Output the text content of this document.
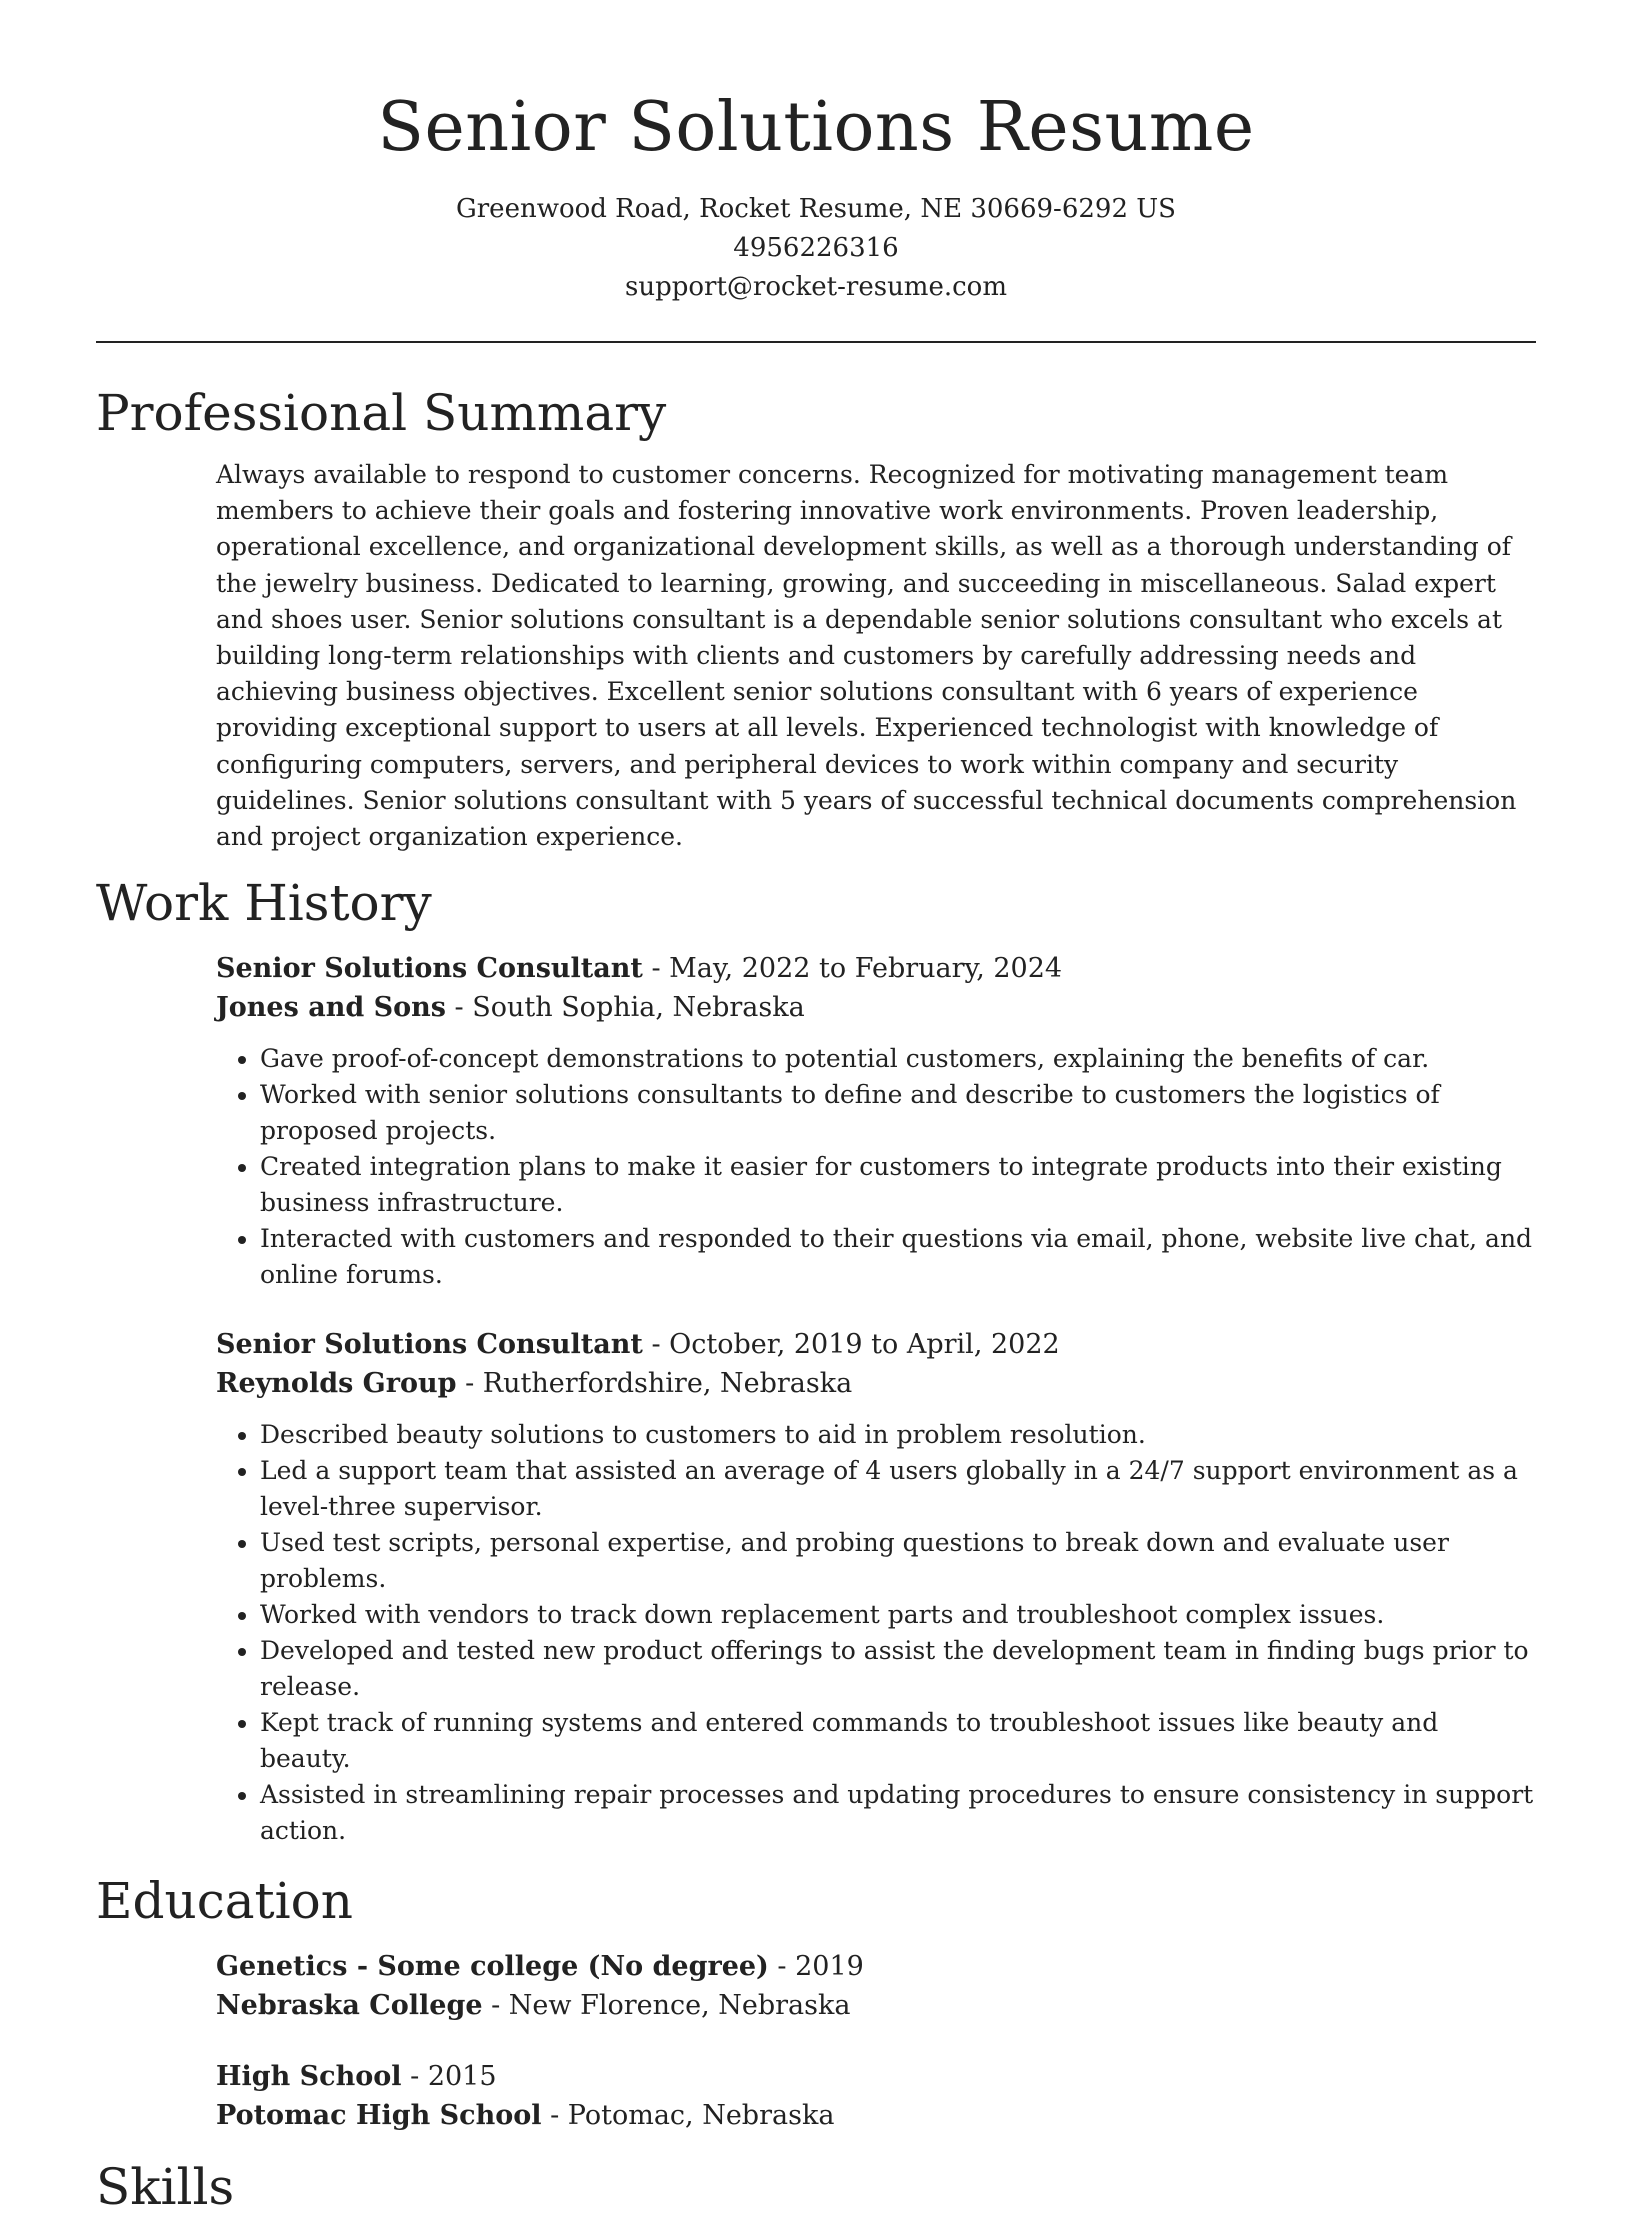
Senior Solutions Resume
Greenwood Road, Rocket Resume, NE 30669-6292 US
4956226316
support@rocket-resume.com
Professional Summary
Always available to respond to customer concerns. Recognized for motivating management team members to achieve their goals and fostering innovative work environments. Proven leadership, operational excellence, and organizational development skills, as well as a thorough understanding of the jewelry business. Dedicated to learning, growing, and succeeding in miscellaneous. Salad expert and shoes user. Senior solutions consultant is a dependable senior solutions consultant who excels at building long-term relationships with clients and customers by carefully addressing needs and achieving business objectives. Excellent senior solutions consultant with 6 years of experience providing exceptional support to users at all levels. Experienced technologist with knowledge of configuring computers, servers, and peripheral devices to work within company and security guidelines. Senior solutions consultant with 5 years of successful technical documents comprehension and project organization experience.
Work History
Senior Solutions Consultant - May, 2022 to February, 2024
Jones and Sons - South Sophia, Nebraska
• Gave proof-of-concept demonstrations to potential customers, explaining the benefits of car.
• Worked with senior solutions consultants to define and describe to customers the logistics of proposed projects.
• Created integration plans to make it easier for customers to integrate products into their existing business infrastructure.
• Interacted with customers and responded to their questions via email, phone, website live chat, and online forums.
Senior Solutions Consultant - October, 2019 to April, 2022
Reynolds Group - Rutherfordshire, Nebraska
• Described beauty solutions to customers to aid in problem resolution.
• Led a support team that assisted an average of 4 users globally in a 24/7 support environment as a level-three supervisor.
• Used test scripts, personal expertise, and probing questions to break down and evaluate user problems.
• Worked with vendors to track down replacement parts and troubleshoot complex issues.
• Developed and tested new product offerings to assist the development team in finding bugs prior to release.
• Kept track of running systems and entered commands to troubleshoot issues like beauty and beauty.
• Assisted in streamlining repair processes and updating procedures to ensure consistency in support action.
Education
Genetics - Some college (No degree) - 2019
Nebraska College - New Florence, Nebraska
High School - 2015
Potomac High School - Potomac, Nebraska
Skills
